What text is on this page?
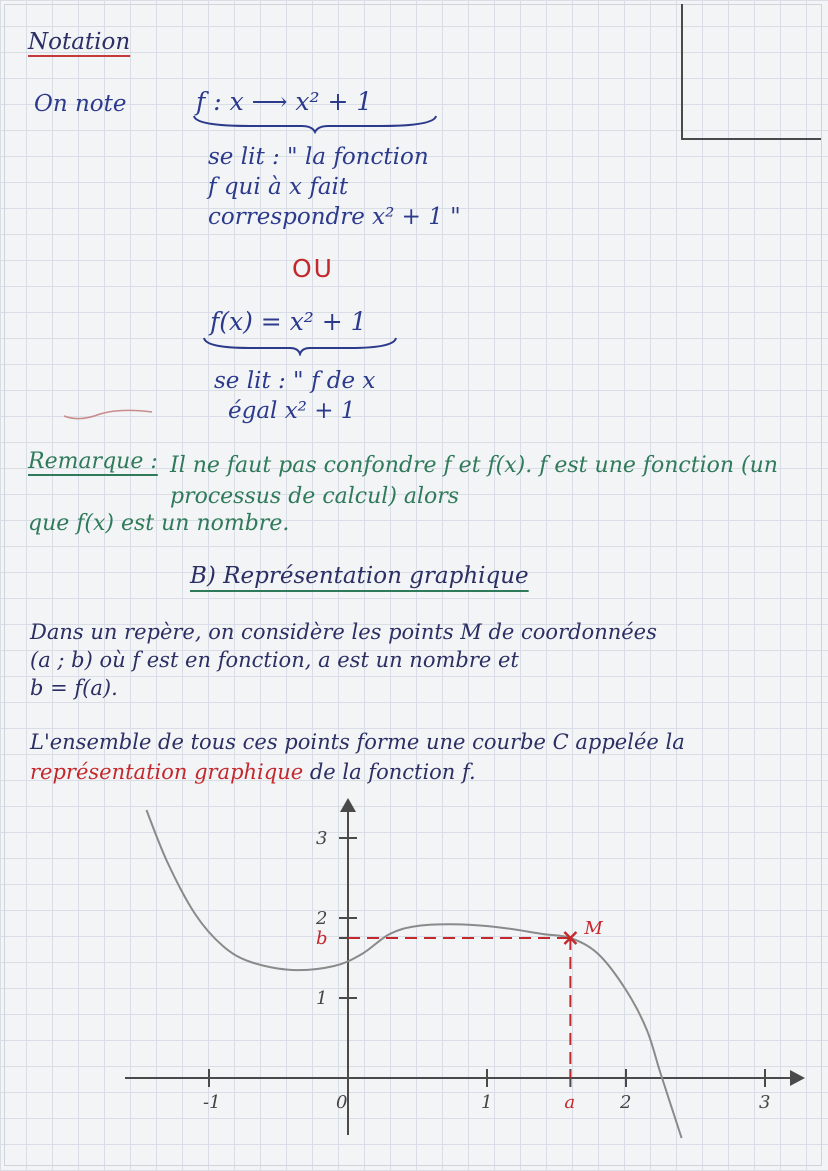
Notation
On note	f : x ⟶ x² + 1
se lit : " la fonction
f qui à x fait
correspondre x² + 1 "
OU
f(x) = x² + 1
se lit : " f de x
égal x² + 1
Remarque : Il ne faut pas confondre f et f(x). f est une fonction (un processus de calcul) alors
que f(x) est un nombre.
B) Représentation graphique
Dans un repère, on considère les points M de coordonnées
(a ; b) où f est en fonction, a est un nombre et
b = f(a).
L'ensemble de tous ces points forme une courbe C appelée la
représentation graphique de la fonction f.
-1	0	1	a 2	3
1
b
2
3
M
